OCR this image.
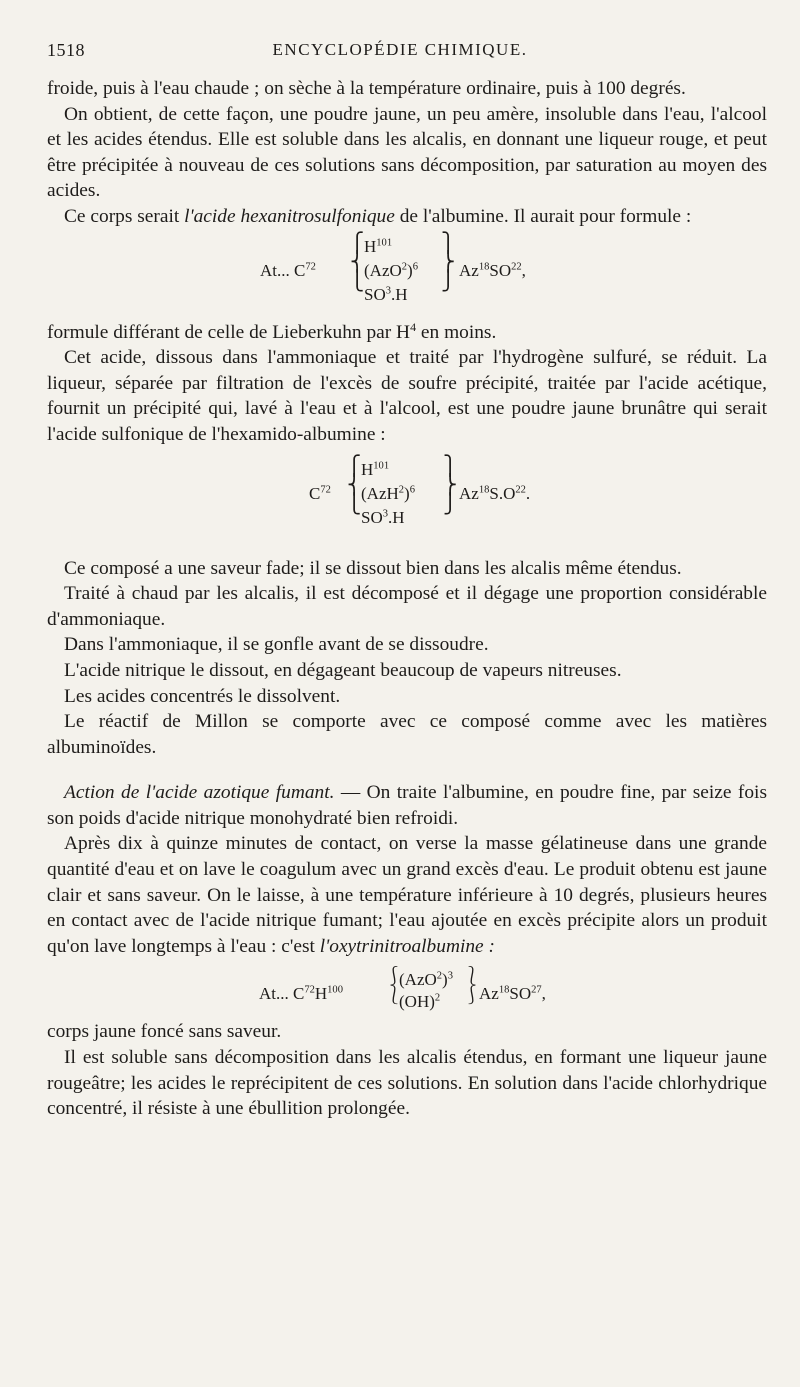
1518	ENCYCLOPÉDIE CHIMIQUE.

froide, puis à l'eau chaude ; on sèche à la température ordinaire, puis à 100 degrés.

On obtient, de cette façon, une poudre jaune, un peu amère, insoluble dans l'eau, l'alcool et les acides étendus. Elle est soluble dans les alcalis, en donnant une liqueur rouge, et peut être précipitée à nouveau de ces solutions sans décomposition, par saturation au moyen des acides.

Ce corps serait l'acide hexanitrosulfonique de l'albumine. Il aurait pour formule :

At... $C^{72}$
⎧
⎨
⎩
$H^{101}$
$(AzO^2)^6$
$SO^3.H$
⎫
⎬
⎭
Az$^{18}$SO$^{22}$,

formule différant de celle de Lieberkuhn par $H^4$ en moins.

Cet acide, dissous dans l'ammoniaque et traité par l'hydrogène sulfuré, se réduit. La liqueur, séparée par filtration de l'excès de soufre précipité, traitée par l'acide acétique, fournit un précipité qui, lavé à l'eau et à l'alcool, est une poudre jaune brunâtre qui serait l'acide sulfonique de l'hexamido-albumine :

$C^{72}$
⎧
⎨
⎩
$H^{101}$
$(AzH^2)^6$
$SO^3.H$
⎫
⎬
⎭
$Az^{18}S.O^{22}$.

Ce composé a une saveur fade; il se dissout bien dans les alcalis même étendus.

Traité à chaud par les alcalis, il est décomposé et il dégage une proportion considérable d'ammoniaque.

Dans l'ammoniaque, il se gonfle avant de se dissoudre.

L'acide nitrique le dissout, en dégageant beaucoup de vapeurs nitreuses.

Les acides concentrés le dissolvent.

Le réactif de Millon se comporte avec ce composé comme avec les matières albuminoïdes.

Action de l'acide azotique fumant. — On traite l'albumine, en poudre fine, par seize fois son poids d'acide nitrique monohydraté bien refroidi.

Après dix à quinze minutes de contact, on verse la masse gélatineuse dans une grande quantité d'eau et on lave le coagulum avec un grand excès d'eau. Le produit obtenu est jaune clair et sans saveur. On le laisse, à une température inférieure à 10 degrés, plusieurs heures en contact avec de l'acide nitrique fumant; l'eau ajoutée en excès précipite alors un produit qu'on lave longtemps à l'eau : c'est l'oxytrinitroalbumine :

At... $C^{72}H^{100}$
⎰
⎱
$(AzO^2)^3$
(OH)$^2$
⎱
⎰
Az$^{18}$SO$^{27}$,

corps jaune foncé sans saveur.

Il est soluble sans décomposition dans les alcalis étendus, en formant une liqueur jaune rougeâtre; les acides le reprécipitent de ces solutions. En solution dans l'acide chlorhydrique concentré, il résiste à une ébullition prolongée.
